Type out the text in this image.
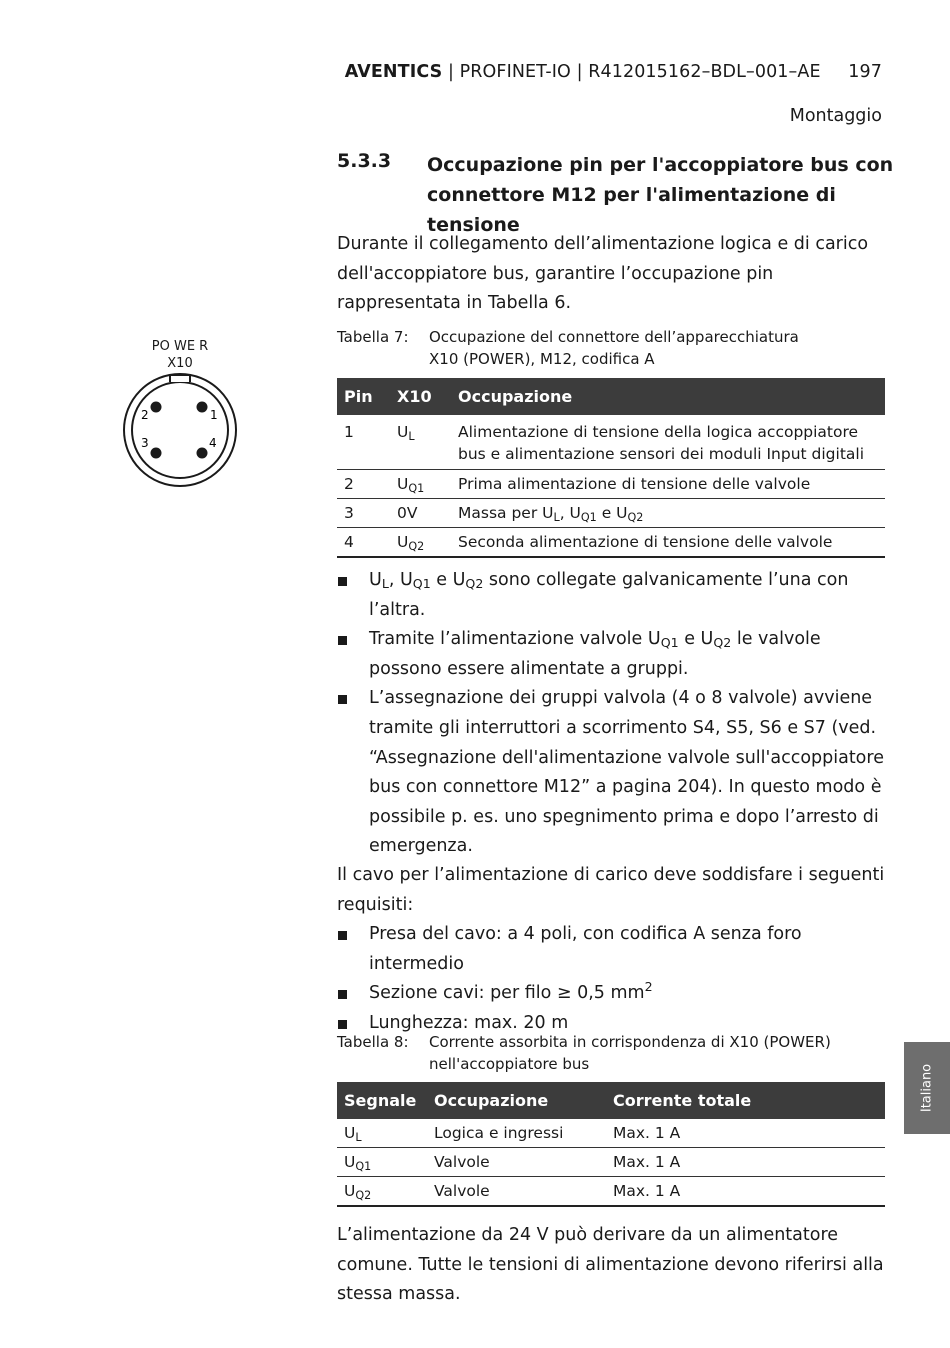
AVENTICS | PROFINET-IO | R412015162–BDL–001–AE 197
Montaggio
5.3.3 Occupazione pin per l'accoppiatore bus con connettore M12 per l'alimentazione di tensione
Durante il collegamento dell’alimentazione logica e di carico dell'accoppiatore bus, garantire l’occupazione pin rappresentata in Tabella 6.
PO WE R
X10
1
2
3	4
Tabella 7: Occupazione del connettore dell’apparecchiatura
X10 (POWER), M12, codifica A
Pin	X10	Occupazione
1	$U_L$	Alimentazione di tensione della logica accoppiatore
bus e alimentazione sensori dei moduli Input digitali
2	$U_{Q1}$	Prima alimentazione di tensione delle valvole
3	0V	Massa per $U_L$, $U_{Q1}$ e $U_{Q2}$
4	$U_{Q2}$	Seconda alimentazione di tensione delle valvole
$U_L$, $U_{Q1}$ e $U_{Q2}$ sono collegate galvanicamente l’una con l’altra.
Tramite l’alimentazione valvole $U_{Q1}$ e $U_{Q2}$ le valvole possono essere alimentate a gruppi.
L’assegnazione dei gruppi valvola (4 o 8 valvole) avviene tramite gli interruttori a scorrimento S4, S5, S6 e S7 (ved. “Assegnazione dell'alimentazione valvole sull'accoppiatore bus con connettore M12” a pagina 204). In questo modo è possibile p. es. uno spegnimento prima e dopo l’arresto di emergenza.
Il cavo per l’alimentazione di carico deve soddisfare i seguenti requisiti:
Presa del cavo: a 4 poli, con codifica A senza foro intermedio
Sezione cavi: per filo ≥ 0,5 $mm^2$
Lunghezza: max. 20 m
Tabella 8: Corrente assorbita in corrispondenza di X10 (POWER)
nell'accoppiatore bus
Segnale	Occupazione	Corrente totale
$U_L$	Logica e ingressi	Max. 1 A
$U_{Q1}$	Valvole	Max. 1 A
$U_{Q2}$	Valvole	Max. 1 A
L’alimentazione da 24 V può derivare da un alimentatore comune. Tutte le tensioni di alimentazione devono riferirsi alla stessa massa.
Italiano
